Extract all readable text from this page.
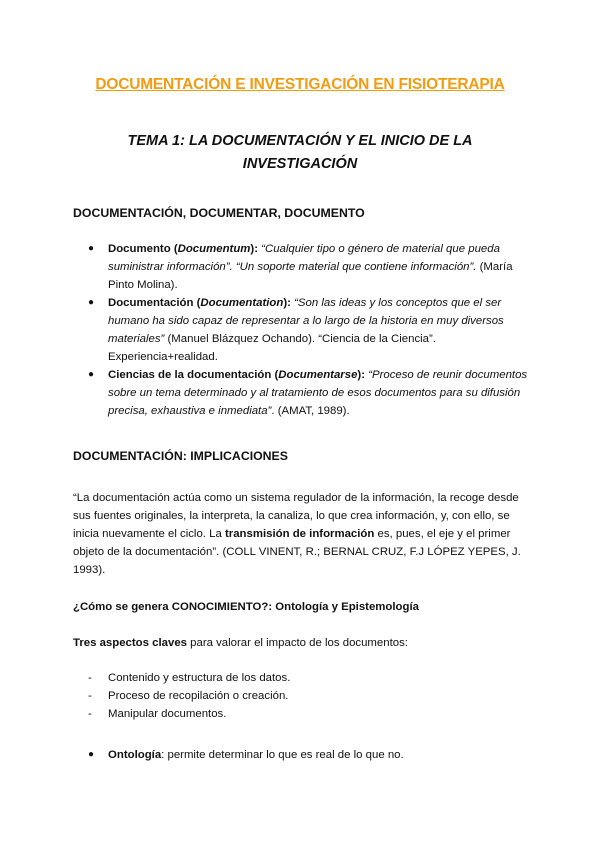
DOCUMENTACIÓN E INVESTIGACIÓN EN FISIOTERAPIA
TEMA 1: LA DOCUMENTACIÓN Y EL INICIO DE LA
INVESTIGACIÓN
DOCUMENTACIÓN, DOCUMENTAR, DOCUMENTO
● Documento (Documentum): “Cualquier tipo o género de material que pueda suministrar información”. “Un soporte material que contiene información”. (María Pinto Molina).
● Documentación (Documentation): “Son las ideas y los conceptos que el ser humano ha sido capaz de representar a lo largo de la historia en muy diversos materiales” (Manuel Blázquez Ochando). “Ciencia de la Ciencia”. Experiencia+realidad.
● Ciencias de la documentación (Documentarse): “Proceso de reunir documentos sobre un tema determinado y al tratamiento de esos documentos para su difusión precisa, exhaustiva e inmediata”. (AMAT, 1989).
DOCUMENTACIÓN: IMPLICACIONES
“La documentación actúa como un sistema regulador de la información, la recoge desde sus fuentes originales, la interpreta, la canaliza, lo que crea información, y, con ello, se inicia nuevamente el ciclo. La transmisión de información es, pues, el eje y el primer objeto de la documentación”. (COLL VINENT, R.; BERNAL CRUZ, F.J LÓPEZ YEPES, J. 1993).
¿Cómo se genera CONOCIMIENTO?: Ontología y Epistemología
Tres aspectos claves para valorar el impacto de los documentos:
- Contenido y estructura de los datos.
- Proceso de recopilación o creación.
- Manipular documentos.
● Ontología: permite determinar lo que es real de lo que no.
